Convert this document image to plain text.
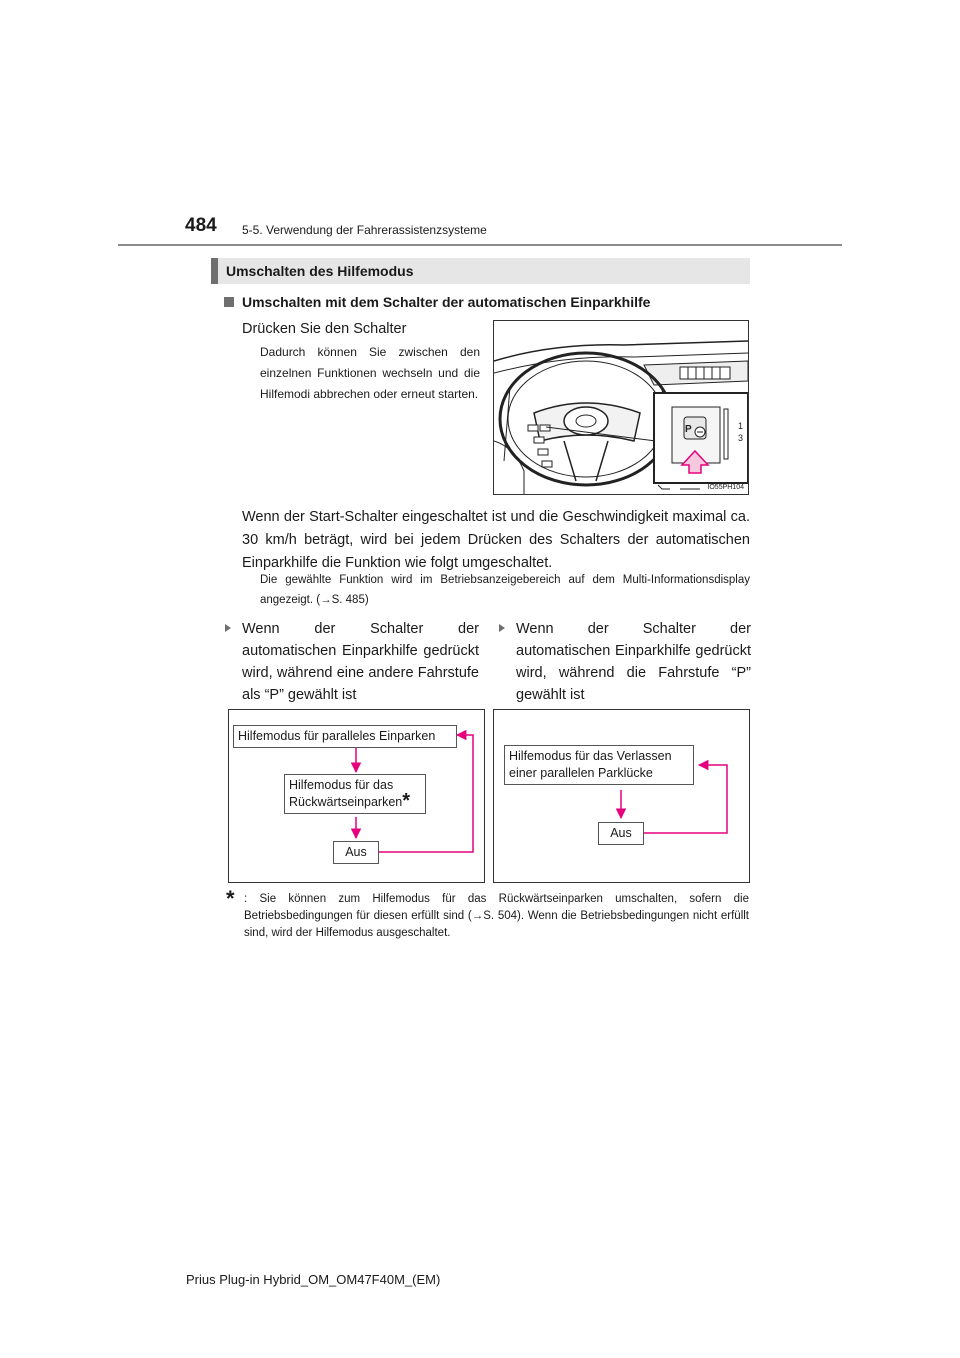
484 5-5. Verwendung der Fahrerassistenzsysteme
Umschalten des Hilfemodus
Umschalten mit dem Schalter der automatischen Einparkhilfe
Drücken Sie den Schalter
Dadurch können Sie zwischen den einzelnen Funktionen wechseln und die Hilfemodi abbrechen oder erneut starten.
P	1
3
IO55PH104
Wenn der Start-Schalter eingeschaltet ist und die Geschwindigkeit maximal ca. 30 km/h beträgt, wird bei jedem Drücken des Schalters der automatischen Einparkhilfe die Funktion wie folgt umgeschaltet.
Die gewählte Funktion wird im Betriebsanzeigebereich auf dem Multi-Informationsdisplay angezeigt. (→S. 485)
Wenn der Schalter der automatischen Einparkhilfe gedrückt wird, während eine andere Fahrstufe als “P” gewählt ist
Wenn der Schalter der automatischen Einparkhilfe gedrückt wird, während die Fahrstufe “P” gewählt ist
Hilfemodus für paralleles Einparken
Hilfemodus für das
Rückwärtseinparken*
Aus
Hilfemodus für das Verlassen
einer parallelen Parklücke
Aus
* : Sie können zum Hilfemodus für das Rückwärtseinparken umschalten, sofern die Betriebsbedingungen für diesen erfüllt sind (→S. 504). Wenn die Betriebsbedingungen nicht erfüllt sind, wird der Hilfemodus ausgeschaltet.
Prius Plug-in Hybrid_OM_OM47F40M_(EM)
